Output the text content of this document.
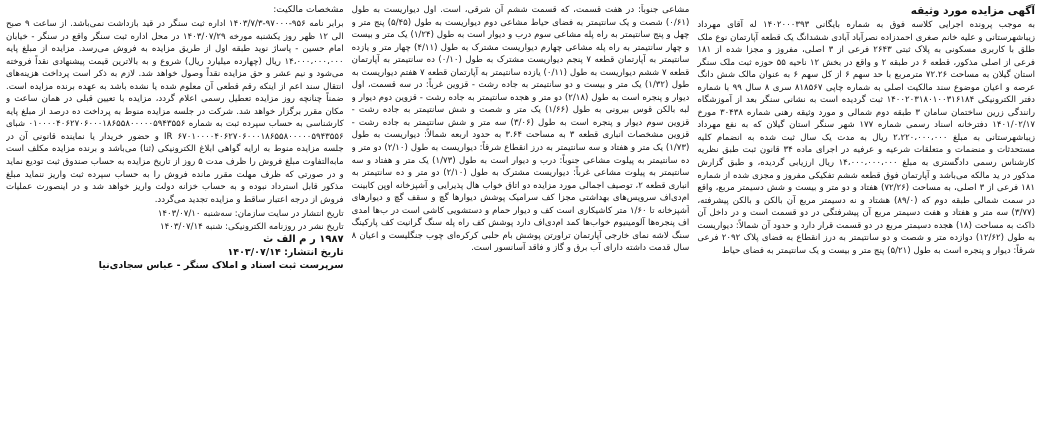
آگهی مزایده مورد وثیقه

به موجب پرونده اجرایی کلاسه فوق به شماره بایگانی ۱۴۰۲۰۰۰۳۹۳ له آقای مهرداد زیباشهرستانی و علیه خانم صغری احمدزاده نصرآباد آبادی ششدانگ یک قطعه آپارتمان نوع ملک طلق با کاربری مسکونی به پلاک ثبتی ۲۶۴۳ فرعی از ۳ اصلی، مفروز و مجزا شده از ۱۸۱ فرعی از اصلی مذکور، قطعه ۶ در طبقه ۲ و واقع در بخش ۱۲ ناحیه ۵۵ حوزه ثبت ملک سنگر استان گیلان به مساحت ۷۲.۲۶ مترمربع با حد سهم ۶ از کل سهم ۶ به عنوان مالک شش دانگ عرصه و اعیان موضوع سند مالکیت اصلی به شماره چاپی ۸۱۸۵۶۷ سری ۸ سال ۹۹ با شماره دفتر الکترونیکی ۱۴۰۰۲۰۳۱۸۰۱۰۰۳۱۶۱۸۴ ثبت گردیده است به نشانی سنگر بعد از آموزشگاه رانندگی زرین ساختمان سامان ۳ طبقه دوم شمالی و مورد وثیقه رهنی شماره ۳۰۴۳۸ مورخ ۱۴۰۱/۰۲/۱۷ دفترخانه اسناد رسمی شماره ۱۷۷ شهر سنگر استان گیلان که به نفع مهرداد زیباشهرستانی به مبلغ ۲،۲۲۰،۰۰۰،۰۰۰ ریال به مدت یک سال ثبت شده به انضمام کلیه مستحدثات و منضمات و متعلقات شرعیه و عرفیه در اجرای ماده ۳۴ قانون ثبت طبق نظریه کارشناس رسمی دادگستری به مبلغ ۱۴،۰۰۰،۰۰۰،۰۰۰ ریال ارزیابی گردیده، و طبق گزارش مذکور در ید مالکه می‌باشد و آپارتمان فوق قطعه ششم تفکیکی مفروز و مجزی شده از شماره ۱۸۱ فرعی از ۳ اصلی، به مساحت (۷۲/۲۶) هفتاد و دو متر و بیست و شش دسیمتر مربع، واقع در سمت شمالی طبقه دوم که (۸۹/۰) هشتاد و نه دسیمتر مربع آن بالکن و بالکن پیشرفته، (۳/۷۷) سه متر و هفتاد و هفت دسیمتر مربع آن پیشرفتگی در دو قسمت است و در داخل آن ذاکت به مساحت (۱۸) هجده دسیمتر مربع در دو قسمت قرار دارد و حدود آن شمالاً: دیواریست به طول (۱۲/۶۲) دوازده متر و شصت و دو سانتیمتر به درز انقطاع به فضای پلاک ۲۰۹۲ فرعی شرقاً: دیوار و پنجره است به طول (۵/۲۱) پنج متر و بیست و یک سانتیمتر به فضای حیاط

مشاعی جنوباً: در هفت قسمت، که قسمت ششم آن شرقی، است. اول دیواریست به طول (۰/۶۱) شصت و یک سانتیمتر به فضای حیاط مشاعی دوم دیواریست به طول (۵/۴۵) پنج متر و چهل و پنج سانتیمتر به راه پله مشاعی سوم درب و دیوار است به طول (۱/۲۴) یک متر و بیست و چهار سانتیمتر به راه پله مشاعی چهارم دیواریست مشترک به طول (۴/۱۱) چهار متر و یازده سانتیمتر به آپارتمان قطعه ۷ پنجم دیواریست مشترک به طول (۰/۱۰) ده سانتیمتر به آپارتمان قطعه ۷ ششم دیواریست به طول (۰/۱۱) یازده سانتیمتر به آپارتمان قطعه ۷ هفتم دیواریست به طول (۱/۳۲) یک متر و بیست و دو سانتیمتر به جاده رشت - قزوین غرباً: در سه قسمت، اول دیوار و پنجره است به طول (۲/۱۸) دو متر و هجده سانتیمتر به جاده رشت - قزوین دوم دیوار و لبه بالکن قوس بیرونی به طول (۱/۶۶) یک متر و شصت و شش سانتیمتر به جاده رشت - قزوین سوم دیوار و پنجره است به طول (۳/۰۶) سه متر و شش سانتیمتر به جاده رشت - قزوین مشخصات انباری قطعه ۳ به مساحت ۳.۶۴ به حدود اربعه شمالاً: دیواریست به طول (۱/۷۳) یک متر و هفتاد و سه سانتیمتر به درز انقطاع شرقاً: دیواریست به طول (۲/۱۰) دو متر و ده سانتیمتر به پیلوت مشاعی جنوباً: درب و دیوار است به طول (۱/۷۳) یک متر و هفتاد و سه سانتیمتر به پیلوت مشاعی غرباً: دیواریست مشترک به طول (۲/۱۰) دو متر و ده سانتیمتر به انباری قطعه ۲، توصیف اجمالی مورد مزایده دو اتاق خواب هال پذیرایی و آشپزخانه اوپن کابینت ام‌دی‌اف سرویس‌های بهداشتی مجزا کف سرامیک پوشش دیوارها گچ و سقف گچ و دیوارهای آشپزخانه تا ۱/۶۰ متر کاشیکاری است کف و دیوار حمام و دستشویی کاشی است در ب‌ها امدی اف پنجره‌ها آلومینیوم خواب‌ها کمد ام‌دی‌اف دارد پوشش کف راه پله سنگ گرانیت کف پارکینگ سنگ لاشه نمای خارجی آپارتمان تراورتن پوشش بام حلبی کرکره‌ای چوب جنگلیست و اعیان ۸ سال قدمت داشته دارای آب برق و گاز و فاقد آسانسور است.

مشخصات مالکیت:

برابر نامه ۹۵۶-۹۷۰۰۰-۱۴۰۳/۷/۳ اداره ثبت سنگر در قید بازداشت نمی‌باشد. از ساعت ۹ صبح الی ۱۲ ظهر روز یکشنبه مورخه ۱۴۰۳/۰۷/۲۹ در محل اداره ثبت سنگر واقع در سنگر - خیابان امام حسین - پاساژ نوید طبقه اول از طریق مزایده به فروش می‌رسد. مزایده از مبلغ پایه ۱۴،۰۰۰،۰۰۰،۰۰۰ ریال (چهارده میلیارد ریال) شروع و به بالاترین قیمت پیشنهادی نقداً فروخته می‌شود و نیم عشر و حق مزایده نقداً وصول خواهد شد. لازم به ذکر است پرداخت هزینه‌های انتقال سند اعم از اینکه رقم قطعی آن معلوم شده یا نشده باشد به عهده برنده مزایده است. ضمناً چنانچه روز مزایده تعطیل رسمی اعلام گردد، مزایده با تعیین قبلی در همان ساعت و مکان مقرر برگزار خواهد شد. شرکت در جلسه مزایده منوط به پرداخت ده درصد از مبلغ پایه کارشناسی به حساب سپرده ثبت به شماره ۰۱۰۰۰۰۴۰۶۲۷۰۶۰۰۰۱۸۶۵۵۸۰۰۰۰۰۵۹۴۳۵۵۶ شبای IR ۶۷۰۱۰۰۰۰۴۰۶۲۷۰۶۰۰۰۱۸۶۵۵۸۰۰۰۰۰۵۹۴۳۵۵۶ و حضور خریدار یا نماینده قانونی آن در جلسه مزایده منوط به ارایه گواهی ابلاغ الکترونیکی (ثنا) می‌باشد و برنده مزایده مکلف است مابه‌التفاوت مبلغ فروش را ظرف مدت ۵ روز از تاریخ مزایده به حساب صندوق ثبت تودیع نماید و در صورتی که ظرف مهلت مقرر مانده فروش را به حساب سپرده ثبت واریز ننماید مبلغ مذکور قابل استرداد نبوده و به حساب خزانه دولت واریز خواهد شد و در اینصورت عملیات فروش از درجه اعتبار ساقط و مزایده تجدید می‌گردد.

تاریخ انتشار در سایت سازمان: سه‌شنبه ۱۴۰۳/۰۷/۱۰
تاریخ نشر در روزنامه الکترونیکی: شنبه ۱۴۰۳/۰۷/۱۴
۱۹۸۷ ر م الف ث
تاریخ انتشار: ۱۴۰۳/۰۷/۱۴
سرپرست ثبت اسناد و املاک سنگر - عباس سجادی‌نیا
